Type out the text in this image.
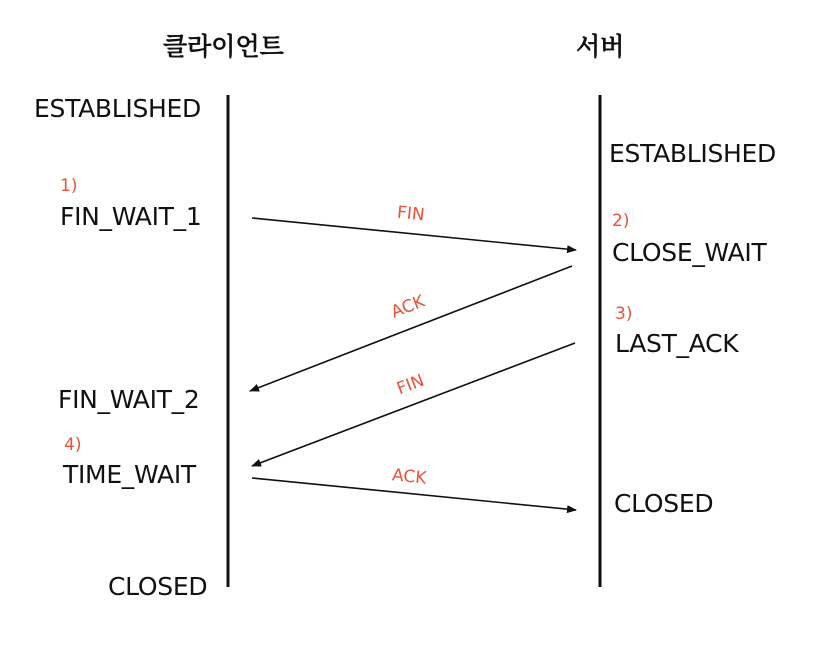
클라이언트	서버
ESTABLISHED
1)
FIN_WAIT_1
FIN_WAIT_2
4)
TIME_WAIT
CLOSED
ESTABLISHED
2)
CLOSE_WAIT
3)
LAST_ACK
CLOSED
FIN
ACK
FIN
ACK
